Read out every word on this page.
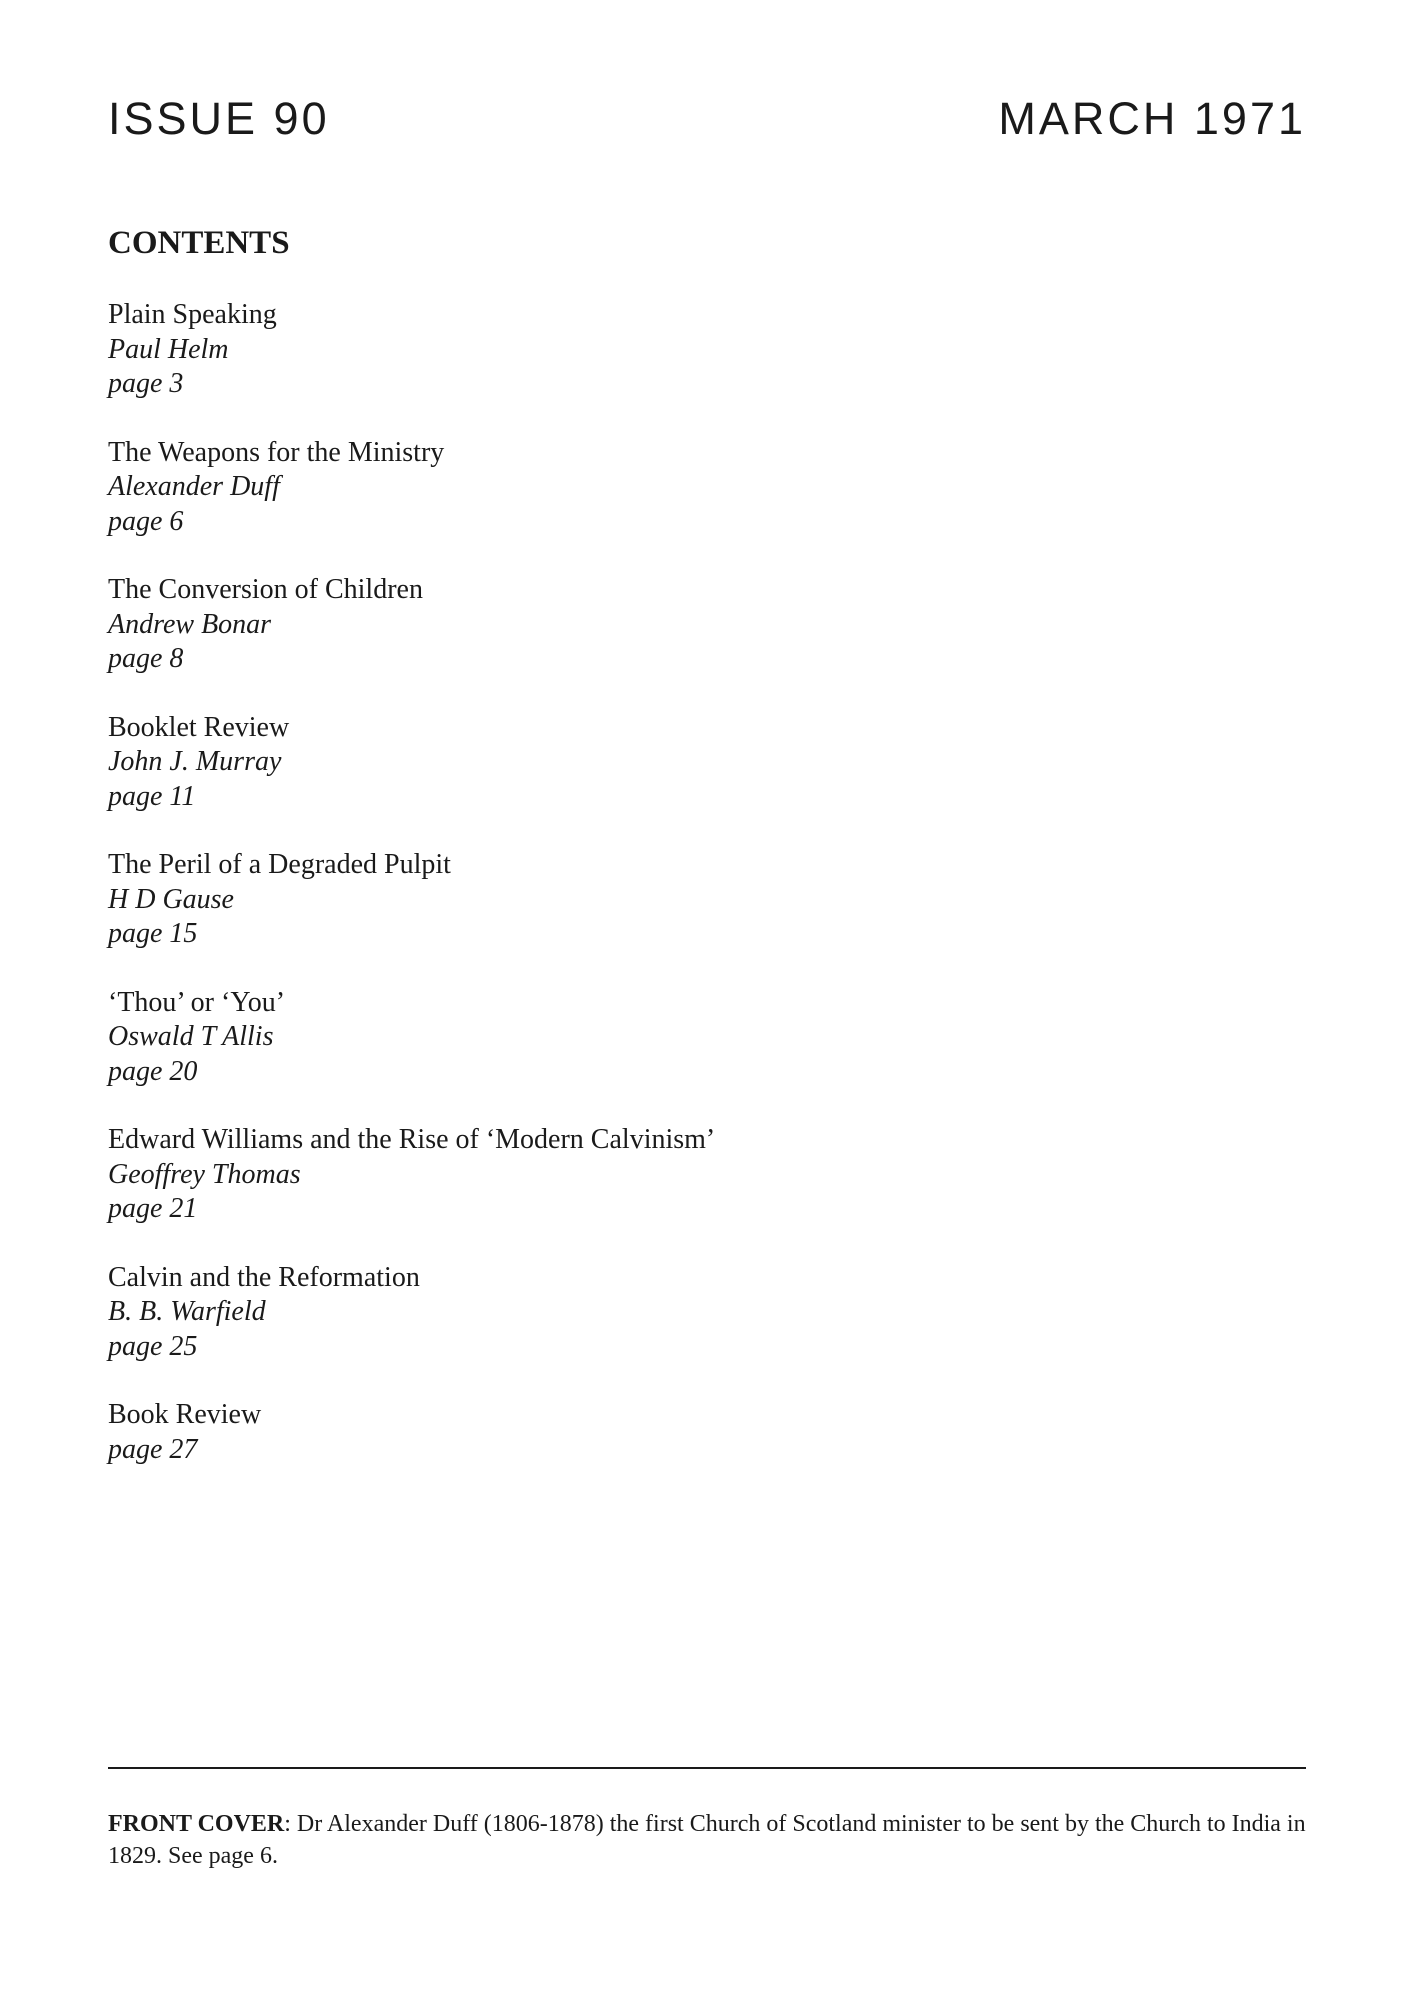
ISSUE 90	MARCH 1971
CONTENTS
Plain Speaking
Paul Helm
page 3
The Weapons for the Ministry
Alexander Duff
page 6
The Conversion of Children
Andrew Bonar
page 8
Booklet Review
John J. Murray
page 11
The Peril of a Degraded Pulpit
H D Gause
page 15
‘Thou’ or ‘You’
Oswald T Allis
page 20
Edward Williams and the Rise of ‘Modern Calvinism’
Geoffrey Thomas
page 21
Calvin and the Reformation
B. B. Warfield
page 25
Book Review
page 27

FRONT COVER: Dr Alexander Duff (1806-1878) the first Church of Scotland minister to be sent by the Church to India in 1829. See page 6.
